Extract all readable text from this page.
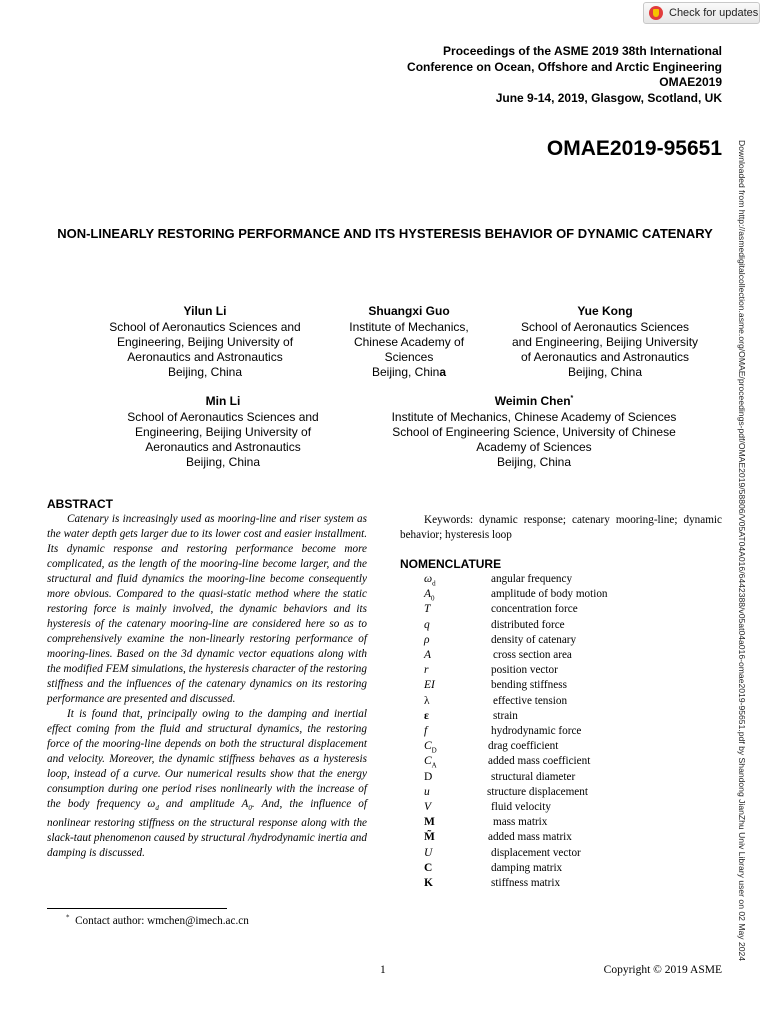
Check for updates
Proceedings of the ASME 2019 38th International
Conference on Ocean, Offshore and Arctic Engineering
OMAE2019
June 9-14, 2019, Glasgow, Scotland, UK
OMAE2019-95651 Downloaded from http://asmedigitalcollection.asme.org/OMAE/proceedings-pdf/OMAE2019/58806/V05AT04A016/6442388/v05at04a016-omae2019-95651.pdf by Shandong JianZhu Univ Library user on 02 May 2024
NON-LINEARLY RESTORING PERFORMANCE AND ITS HYSTERESIS BEHAVIOR OF DYNAMIC CATENARY
Yilun Li
School of Aeronautics Sciences and
Engineering, Beijing University of
Aeronautics and Astronautics
Beijing, China
Shuangxi Guo
Institute of Mechanics,
Chinese Academy of
Sciences
Beijing, China
Yue Kong
School of Aeronautics Sciences
and Engineering, Beijing University
of Aeronautics and Astronautics
Beijing, China
Min Li
School of Aeronautics Sciences and
Engineering, Beijing University of
Aeronautics and Astronautics
Beijing, China
Weimin Chen*
Institute of Mechanics, Chinese Academy of Sciences
School of Engineering Science, University of Chinese
Academy of Sciences
Beijing, China
ABSTRACT

Catenary is increasingly used as mooring-line and riser system as the water depth gets larger due to its lower cost and easier installment. Its dynamic response and restoring performance become more complicated, as the length of the mooring-line become larger, and the structural and fluid dynamics the mooring-line become consequently more obvious. Compared to the quasi-static method where the static restoring force is mainly involved, the dynamic behaviors and its hysteresis of the catenary mooring-line are considered here so as to comprehensively examine the non-linearly restoring performance of mooring-lines. Based on the 3d dynamic vector equations along with the modified FEM simulations, the hysteresis character of the restoring stiffness and the influences of the catenary dynamics on its restoring performance are presented and discussed.

It is found that, principally owing to the damping and inertial effect coming from the fluid and structural dynamics, the restoring force of the mooring-line depends on both the structural displacement and velocity. Moreover, the dynamic stiffness behaves as a hysteresis loop, instead of a curve. Our numerical results show that the energy consumption during one period rises nonlinearly with the increase of the body frequency $\omega_d$ and amplitude $A_0$. And, the influence of nonlinear restoring stiffness on the structural response along with the slack-taut phenomenon caused by structural /hydrodynamic inertia and damping is discussed.

Keywords: dynamic response; catenary mooring-line; dynamic behavior; hysteresis loop
NOMENCLATURE
$\omega_d$	angular frequency
$A_0$	amplitude of body motion
T	concentration force
q	distributed force
ρ	density of catenary
A	cross section area
r	position vector
EI	bending stiffness
λ	effective tension
ε	strain
f	hydrodynamic force
$C_D$	drag coefficient
$C_A$	added mass coefficient
D	structural diameter
u	structure displacement
V	fluid velocity
M	mass matrix
M̃	added mass matrix
U	displacement vector
C	damping matrix
K	stiffness matrix
* Contact author: wmchen@imech.ac.cn
1	Copyright © 2019 ASME
